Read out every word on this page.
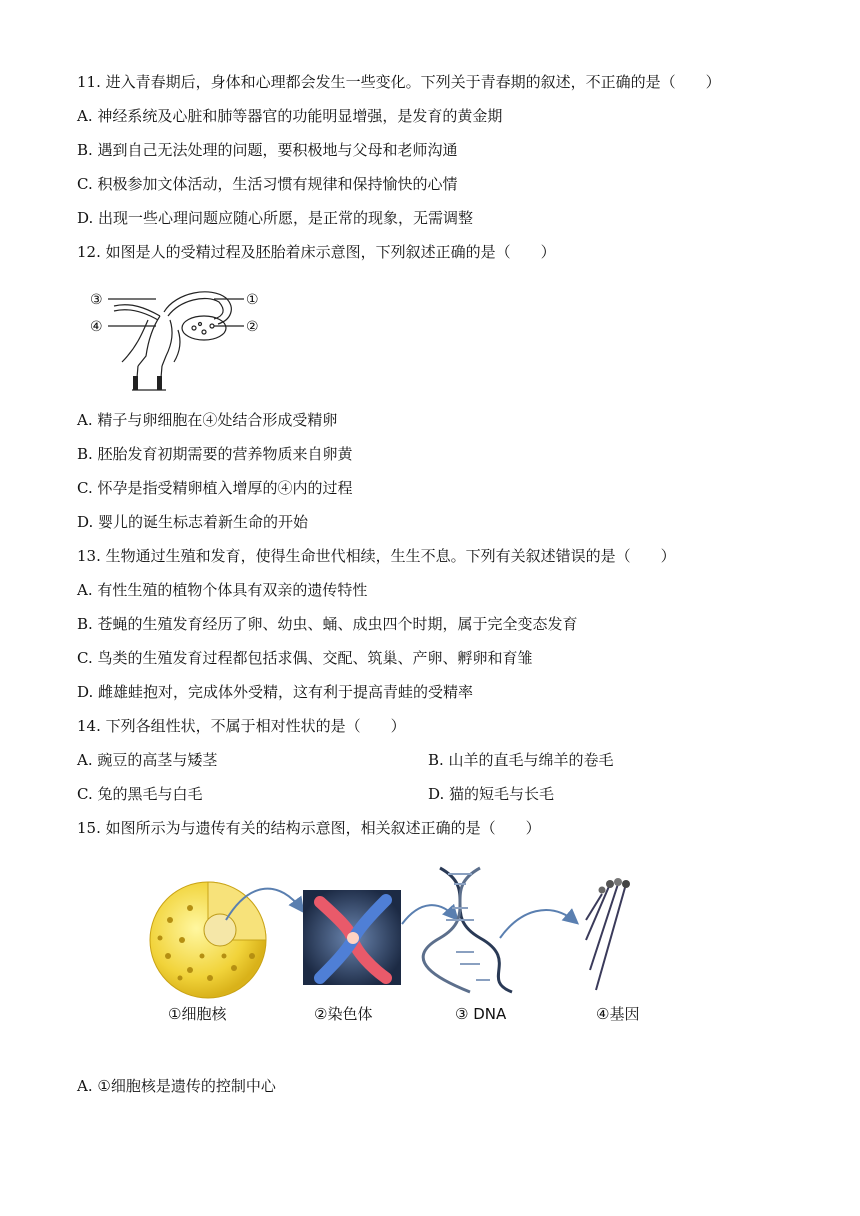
11. 进入青春期后，身体和心理都会发生一些变化。下列关于青春期的叙述，不正确的是（　　）
A. 神经系统及心脏和肺等器官的功能明显增强，是发育的黄金期
B. 遇到自己无法处理的问题，要积极地与父母和老师沟通
C. 积极参加文体活动，生活习惯有规律和保持愉快的心情
D. 出现一些心理问题应随心所愿，是正常的现象，无需调整
12. 如图是人的受精过程及胚胎着床示意图，下列叙述正确的是（　　）
③	①
④	②
A. 精子与卵细胞在④处结合形成受精卵
B. 胚胎发育初期需要的营养物质来自卵黄
C. 怀孕是指受精卵植入增厚的④内的过程
D. 婴儿的诞生标志着新生命的开始
13. 生物通过生殖和发育，使得生命世代相续，生生不息。下列有关叙述错误的是（　　）
A. 有性生殖的植物个体具有双亲的遗传特性
B. 苍蝇的生殖发育经历了卵、幼虫、蛹、成虫四个时期，属于完全变态发育
C. 鸟类的生殖发育过程都包括求偶、交配、筑巢、产卵、孵卵和育雏
D. 雌雄蛙抱对，完成体外受精，这有利于提高青蛙的受精率
14. 下列各组性状，不属于相对性状的是（　　）
A. 豌豆的高茎与矮茎	B. 山羊的直毛与绵羊的卷毛
C. 兔的黑毛与白毛	D. 猫的短毛与长毛
15. 如图所示为与遗传有关的结构示意图，相关叙述正确的是（　　）
①细胞核	②染色体	③ DNA	④基因
A. ①细胞核是遗传的控制中心
